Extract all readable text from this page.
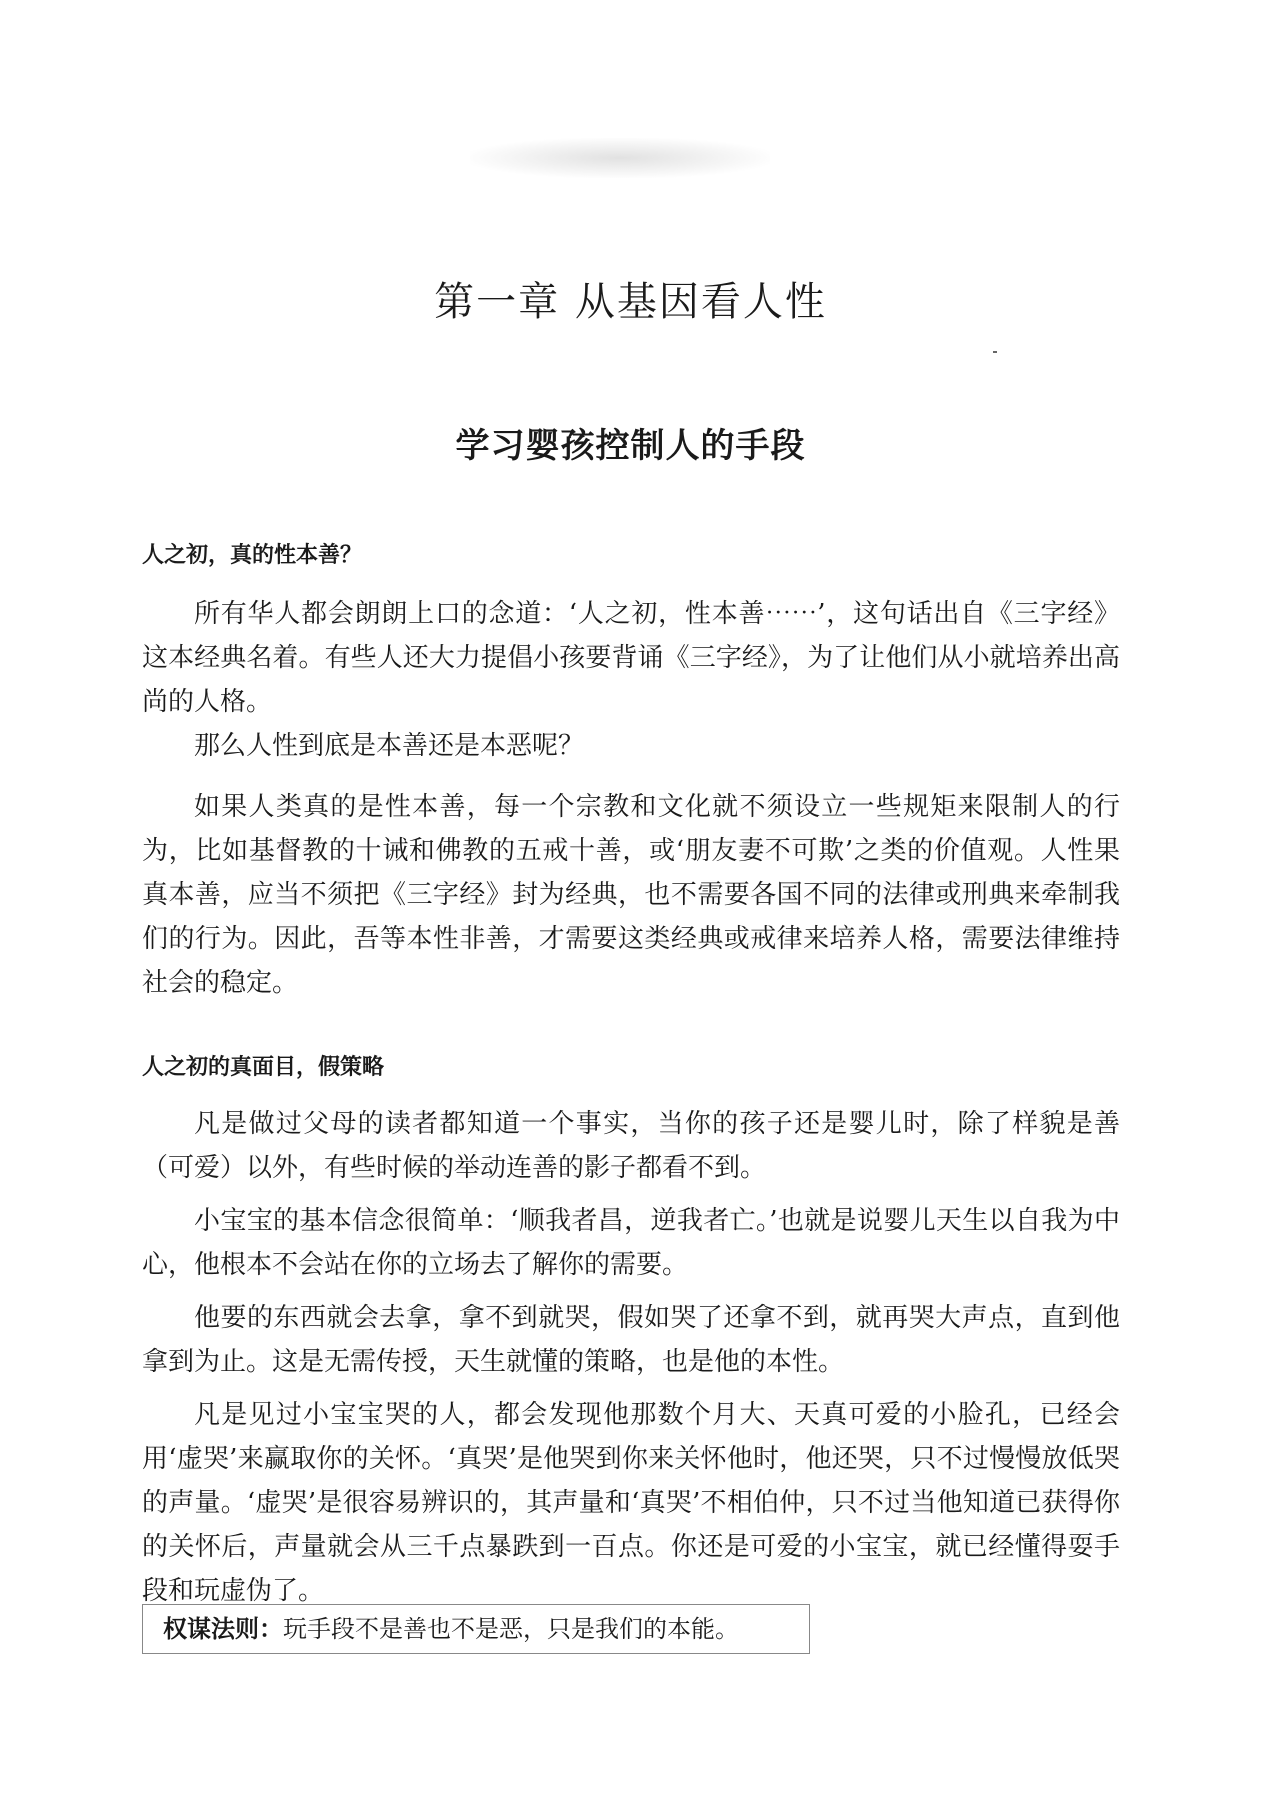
第一章 从基因看人性
学习婴孩控制人的手段
人之初，真的性本善？

所有华人都会朗朗上口的念道：‘人之初，性本善⋯⋯’，这句话出自《三字经》这本经典名着。有些人还大力提倡小孩要背诵《三字经》，为了让他们从小就培养出高尚的人格。

那么人性到底是本善还是本恶呢？

如果人类真的是性本善，每一个宗教和文化就不须设立一些规矩来限制人的行为，比如基督教的十诫和佛教的五戒十善，或‘朋友妻不可欺’之类的价值观。人性果真本善，应当不须把《三字经》封为经典，也不需要各国不同的法律或刑典来牵制我们的行为。因此，吾等本性非善，才需要这类经典或戒律来培养人格，需要法律维持社会的稳定。

人之初的真面目，假策略

凡是做过父母的读者都知道一个事实，当你的孩子还是婴儿时，除了样貌是善（可爱）以外，有些时候的举动连善的影子都看不到。

小宝宝的基本信念很简单：‘顺我者昌，逆我者亡。’也就是说婴儿天生以自我为中心，他根本不会站在你的立场去了解你的需要。

他要的东西就会去拿，拿不到就哭，假如哭了还拿不到，就再哭大声点，直到他拿到为止。这是无需传授，天生就懂的策略，也是他的本性。

凡是见过小宝宝哭的人，都会发现他那数个月大、天真可爱的小脸孔，已经会用‘虚哭’来赢取你的关怀。‘真哭’是他哭到你来关怀他时，他还哭，只不过慢慢放低哭的声量。‘虚哭’是很容易辨识的，其声量和‘真哭’不相伯仲，只不过当他知道已获得你的关怀后，声量就会从三千点暴跌到一百点。你还是可爱的小宝宝，就已经懂得耍手段和玩虚伪了。

权谋法则：玩手段不是善也不是恶，只是我们的本能。
